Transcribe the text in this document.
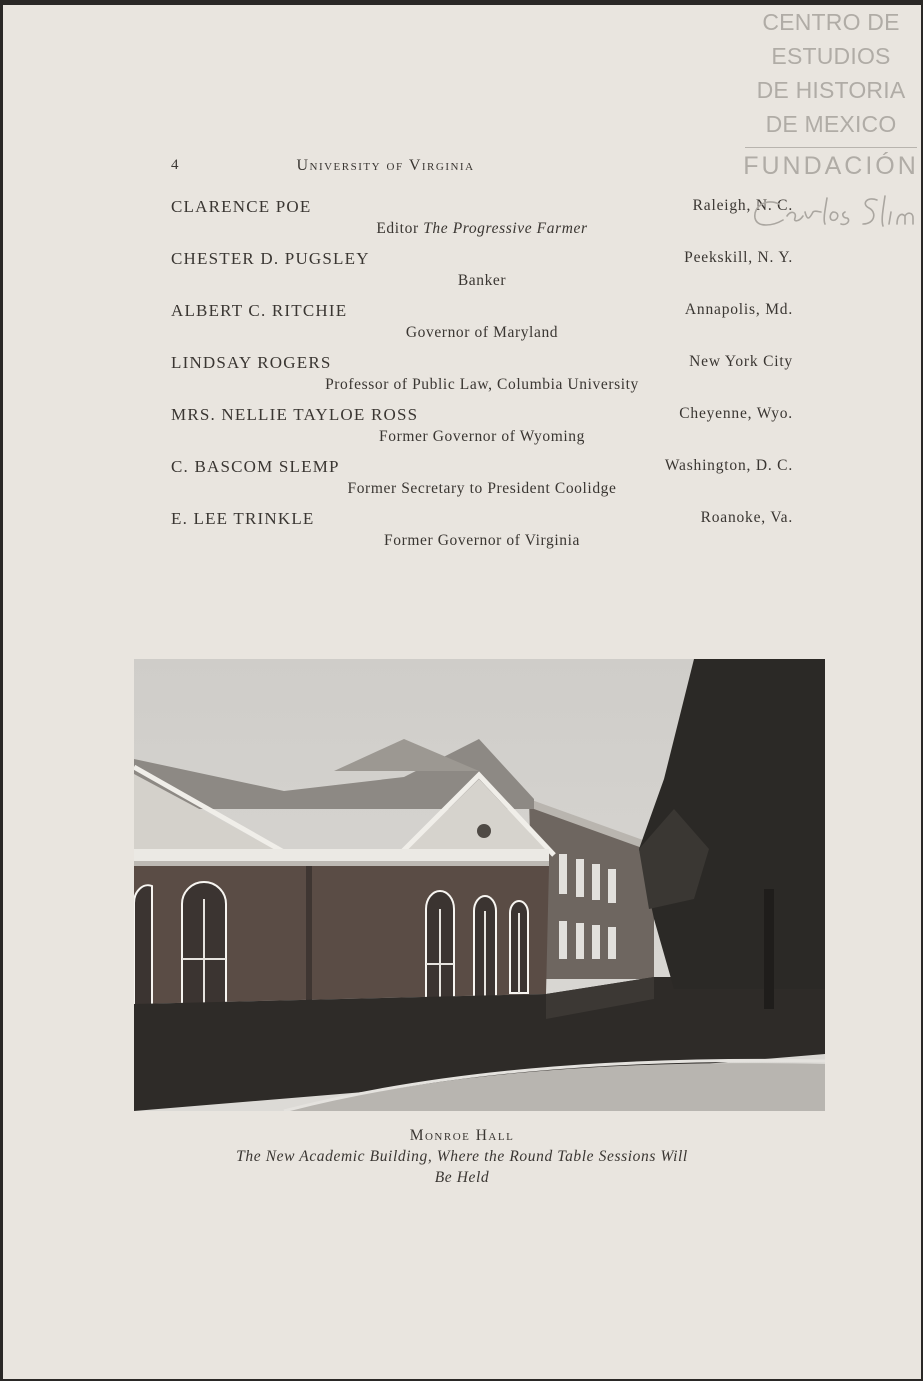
4	University of Virginia
CLARENCE POE	Raleigh, N. C.
Editor The Progressive Farmer
CHESTER D. PUGSLEY	Peekskill, N. Y.
Banker
ALBERT C. RITCHIE	Annapolis, Md.
Governor of Maryland
LINDSAY ROGERS	New York City
Professor of Public Law, Columbia University
MRS. NELLIE TAYLOE ROSS	Cheyenne, Wyo.
Former Governor of Wyoming
C. BASCOM SLEMP	Washington, D. C.
Former Secretary to President Coolidge
E. LEE TRINKLE	Roanoke, Va.
Former Governor of Virginia
Monroe Hall
The New Academic Building, Where the Round Table Sessions Will Be Held
CENTRO DE
ESTUDIOS
DE HISTORIA
DE MEXICO
FUNDACIÓN
